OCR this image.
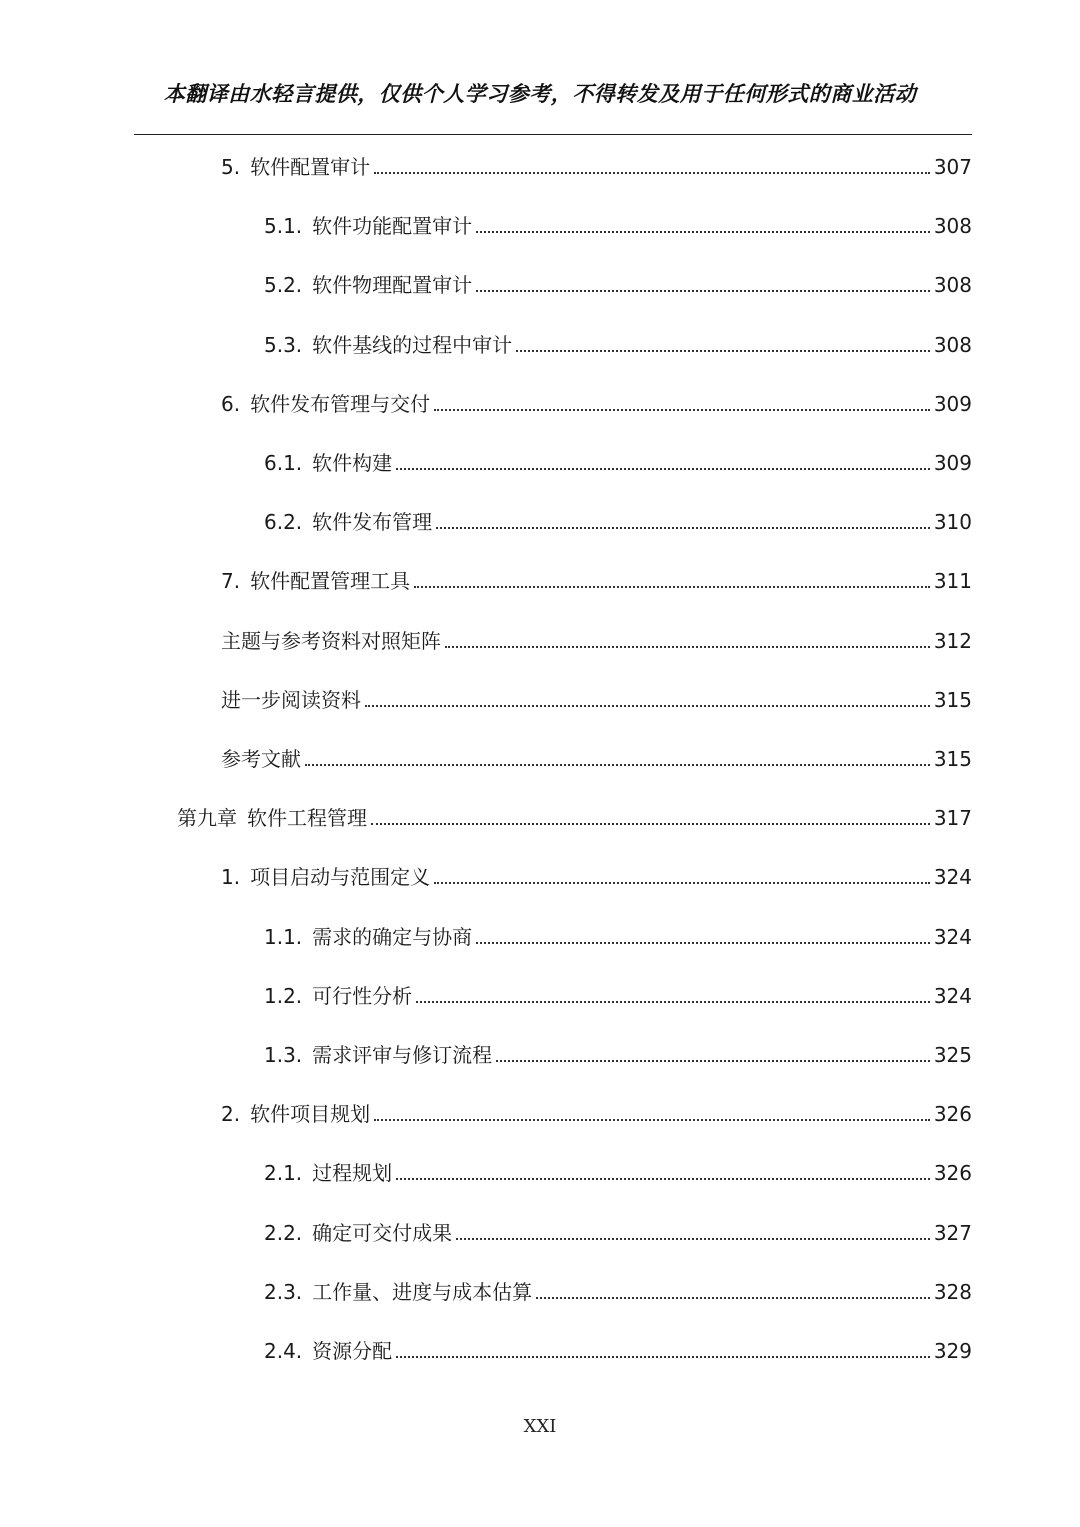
本翻译由水轻言提供，仅供个人学习参考，不得转发及用于任何形式的商业活动
5. 软件配置审计	307
5.1. 软件功能配置审计	308
5.2. 软件物理配置审计	308
5.3. 软件基线的过程中审计	308
6. 软件发布管理与交付	309
6.1. 软件构建	309
6.2. 软件发布管理	310
7. 软件配置管理工具	311
主题与参考资料对照矩阵	312
进一步阅读资料	315
参考文献	315
第九章 软件工程管理	317
1. 项目启动与范围定义	324
1.1. 需求的确定与协商	324
1.2. 可行性分析	324
1.3. 需求评审与修订流程	325
2. 软件项目规划	326
2.1. 过程规划	326
2.2. 确定可交付成果	327
2.3. 工作量、进度与成本估算	328
2.4. 资源分配	329
XXI
